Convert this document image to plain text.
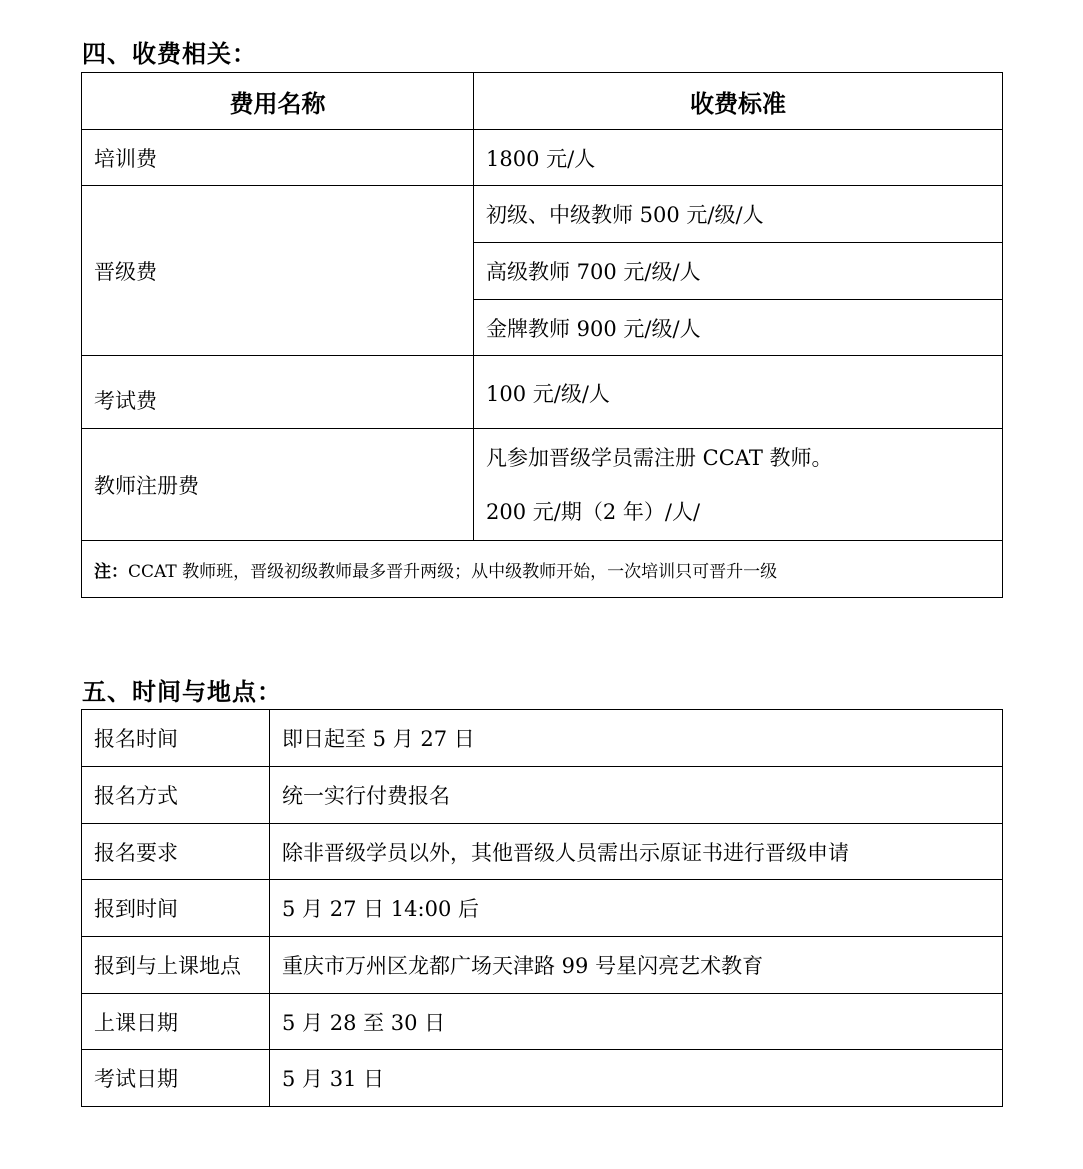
四、收费相关：
费用名称	收费标准
培训费	1800 元/人
晋级费	初级、中级教师 500 元/级/人
	高级教师 700 元/级/人
	金牌教师 900 元/级/人
考试费	100 元/级/人
教师注册费	凡参加晋级学员需注册 CCAT 教师。
200 元/期（2 年）/人/

注：CCAT 教师班，晋级初级教师最多晋升两级；从中级教师开始，一次培训只可晋升一级	
五、时间与地点：
报名时间	即日起至 5 月 27 日
报名方式	统一实行付费报名
报名要求	除非晋级学员以外，其他晋级人员需出示原证书进行晋级申请
报到时间	5 月 27 日 14:00 后
报到与上课地点	重庆市万州区龙都广场天津路 99 号星闪亮艺术教育
上课日期	5 月 28 至 30 日
考试日期	5 月 31 日
